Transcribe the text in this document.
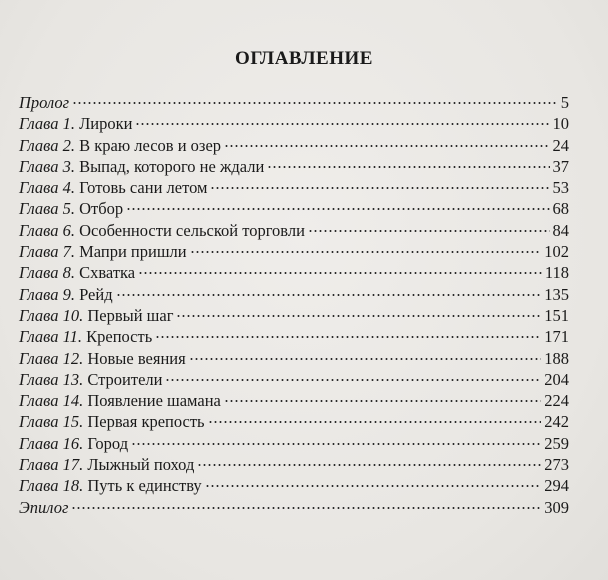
ОГЛАВЛЕНИЕ
Пролог	5
Глава 1. Лироки	10
Глава 2. В краю лесов и озер	24
Глава 3. Выпад, которого не ждали	37
Глава 4. Готовь сани летом	53
Глава 5. Отбор	68
Глава 6. Особенности сельской торговли	84
Глава 7. Мапри пришли	102
Глава 8. Схватка	118
Глава 9. Рейд	135
Глава 10. Первый шаг	151
Глава 11. Крепость	171
Глава 12. Новые веяния	188
Глава 13. Строители	204
Глава 14. Появление шамана	224
Глава 15. Первая крепость	242
Глава 16. Город	259
Глава 17. Лыжный поход	273
Глава 18. Путь к единству	294
Эпилог	309
